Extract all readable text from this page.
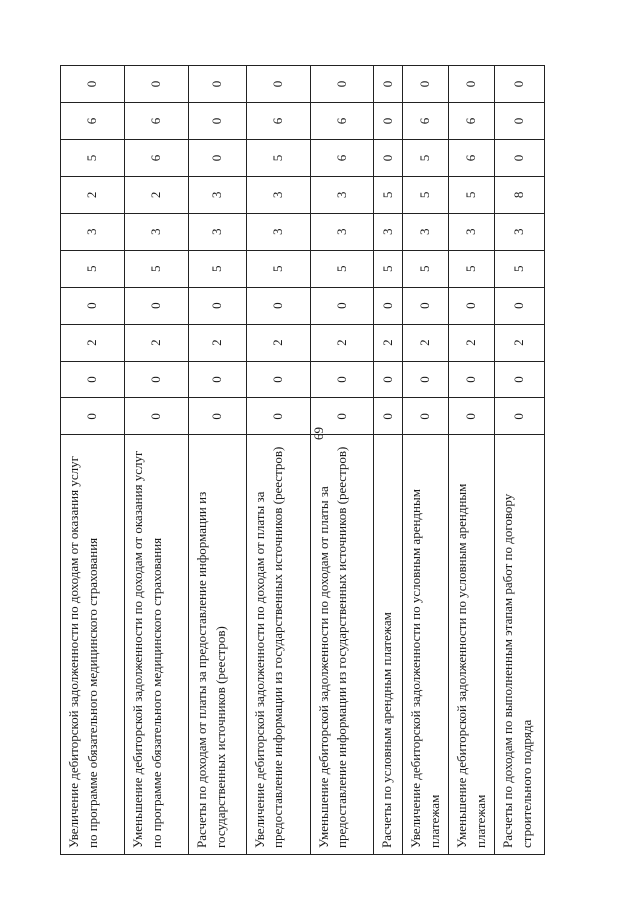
69
Увеличение дебиторской задолженности по доходам от оказания услуг по программе обязательного медицинского страхования	0	0	2	0	5	3	2	5	6	0
Уменьшение дебиторской задолженности по доходам от оказания услуг по программе обязательного медицинского страхования	0	0	2	0	5	3	2	6	6	0
Расчеты по доходам от платы за предоставление информации из государственных источников (реестров)	0	0	2	0	5	3	3	0	0	0
Увеличение дебиторской задолженности по доходам от платы за предоставление информации из государственных источников (реестров)	0	0	2	0	5	3	3	5	6	0
Уменьшение дебиторской задолженности по доходам от платы за предоставление информации из государственных источников (реестров)	0	0	2	0	5	3	3	6	6	0
Расчеты по условным арендным платежам	0	0	2	0	5	3	5	0	0	0
Увеличение дебиторской задолженности по условным арендным платежам	0	0	2	0	5	3	5	5	6	0
Уменьшение дебиторской задолженности по условным арендным платежам	0	0	2	0	5	3	5	6	6	0
Расчеты по доходам по выполненным этапам работ по договору строительного подряда	0	0	2	0	5	3	8	0	0	0
